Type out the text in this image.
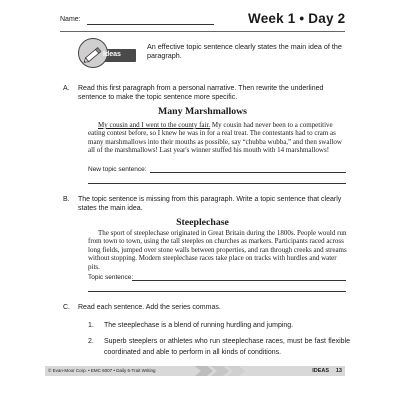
Name:	Week 1 • Day 2
Ideas
An effective topic sentence clearly states the main idea of the paragraph.
A. Read this first paragraph from a personal narrative. Then rewrite the underlined sentence to make the topic sentence more specific.
Many Marshmallows
My cousin and I went to the county fair. My cousin had never been to a competitive eating contest before, so I knew he was in for a real treat. The contestants had to cram as many marshmallows into their mouths as possible, say “chubba wubba,” and then swallow all of the marshmallows! Last year's winner stuffed his mouth with 14 marshmallows!
New topic sentence:
B. The topic sentence is missing from this paragraph. Write a topic sentence that clearly states the main idea.
Steeplechase
The sport of steeplechase originated in Great Britain during the 1800s. People would run from town to town, using the tall steeples on churches as markers. Participants raced across long fields, jumped over stone walls between properties, and ran through creeks and streams without stopping. Modern steeplechase races take place on tracks with hurdles and water pits.
Topic sentence:
C. Read each sentence. Add the series commas.
1. The steeplechase is a blend of running hurdling and jumping.
2. Superb steeplers or athletes who run steeplechase races, must be fast flexible coordinated and able to perform in all kinds of conditions.
© Evan-Moor Corp. • EMC 6007 • Daily 6-Trait Writing	IDEAS 13
